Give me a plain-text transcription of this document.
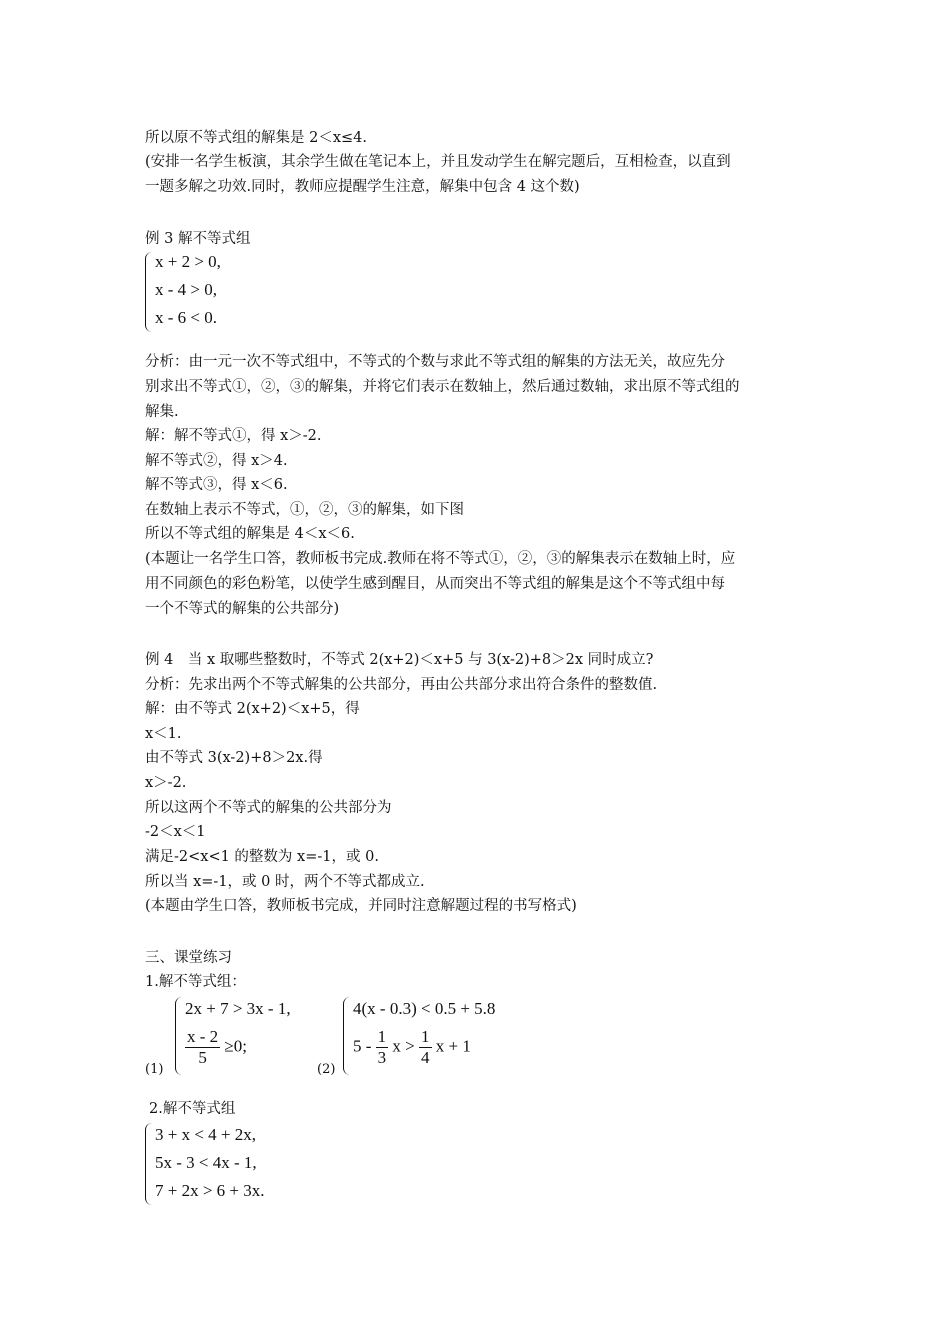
所以原不等式组的解集是 2＜x≤4.
(安排一名学生板演，其余学生做在笔记本上，并且发动学生在解完题后，互相检查，以直到
一题多解之功效.同时，教师应提醒学生注意，解集中包含 4 这个数)
例 3 解不等式组
x + 2 > 0,
x - 4 > 0,
x - 6 < 0.
分析：由一元一次不等式组中，不等式的个数与求此不等式组的解集的方法无关，故应先分
别求出不等式①，②，③的解集，并将它们表示在数轴上，然后通过数轴，求出原不等式组的
解集.
解：解不等式①，得 x＞-2.
解不等式②，得 x＞4.
解不等式③，得 x＜6.
在数轴上表示不等式，①，②，③的解集，如下图
所以不等式组的解集是 4＜x＜6.
(本题让一名学生口答，教师板书完成.教师在将不等式①，②，③的解集表示在数轴上时，应
用不同颜色的彩色粉笔，以使学生感到醒目，从而突出不等式组的解集是这个不等式组中每
一个不等式的解集的公共部分)
例 4　当 x 取哪些整数时，不等式 2(x+2)＜x+5 与 3(x-2)+8＞2x 同时成立?
分析：先求出两个不等式解集的公共部分，再由公共部分求出符合条件的整数值.
解：由不等式 2(x+2)＜x+5，得
x＜1.
由不等式 3(x-2)+8＞2x.得
x＞-2.
所以这两个不等式的解集的公共部分为
-2＜x＜1
满足-2<x<1 的整数为 x=-1，或 0.
所以当 x=-1，或 0 时，两个不等式都成立.
(本题由学生口答，教师板书完成，并同时注意解题过程的书写格式)
三、课堂练习
1.解不等式组：
(1)
2x + 7 > 3x - 1,
$\frac{x - 2}{5} \ge 0$;
(2)
4(x - 0.3) < 0.5 + 5.8
$5 - \frac{1}{3}$ $x > \frac{1}{4}$ x + 1
2.解不等式组
3 + x < 4 + 2x,
5x - 3 < 4x - 1,
7 + 2x > 6 + 3x.
